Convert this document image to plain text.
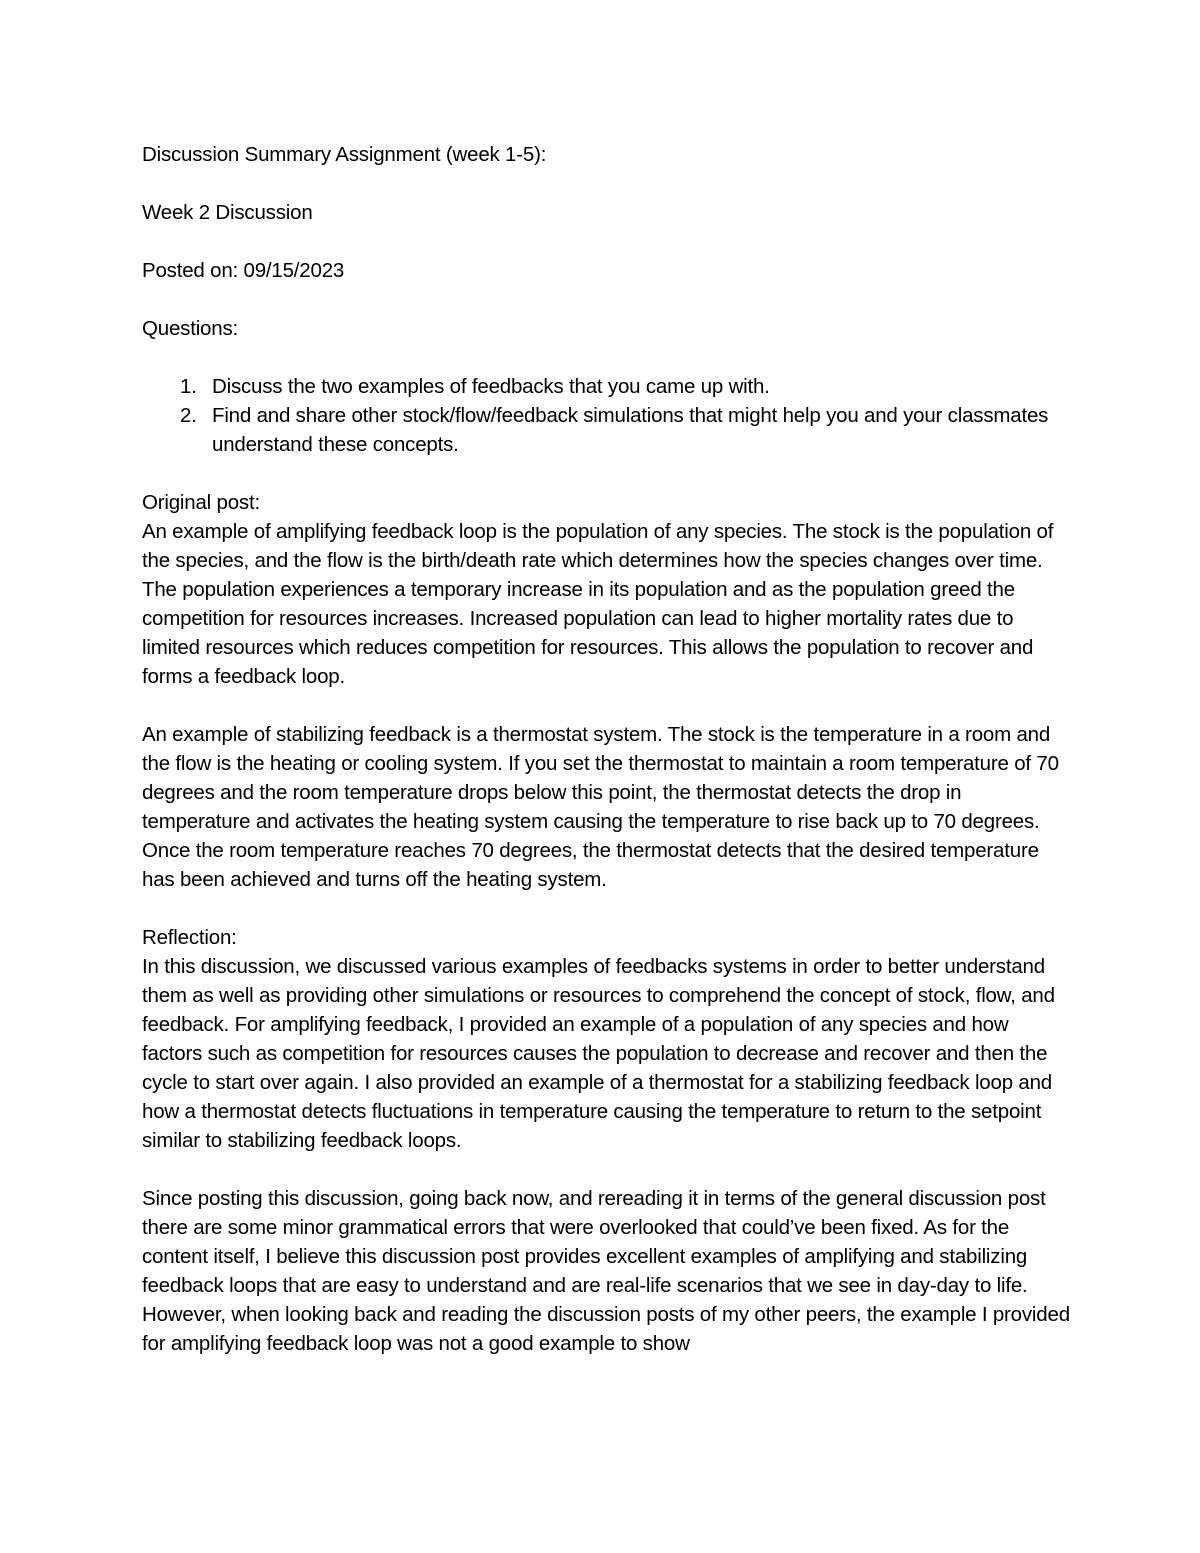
Discussion Summary Assignment (week 1-5):

Week 2 Discussion

Posted on: 09/15/2023

Questions:

1. Discuss the two examples of feedbacks that you came up with.
2. Find and share other stock/flow/feedback simulations that might help you and your classmates understand these concepts.

Original post:

An example of amplifying feedback loop is the population of any species. The stock is the population of the species, and the flow is the birth/death rate which determines how the species changes over time. The population experiences a temporary increase in its population and as the population greed the competition for resources increases. Increased population can lead to higher mortality rates due to limited resources which reduces competition for resources. This allows the population to recover and forms a feedback loop.

An example of stabilizing feedback is a thermostat system. The stock is the temperature in a room and the flow is the heating or cooling system. If you set the thermostat to maintain a room temperature of 70 degrees and the room temperature drops below this point, the thermostat detects the drop in temperature and activates the heating system causing the temperature to rise back up to 70 degrees. Once the room temperature reaches 70 degrees, the thermostat detects that the desired temperature has been achieved and turns off the heating system.

Reflection:

In this discussion, we discussed various examples of feedbacks systems in order to better understand them as well as providing other simulations or resources to comprehend the concept of stock, flow, and feedback. For amplifying feedback, I provided an example of a population of any species and how factors such as competition for resources causes the population to decrease and recover and then the cycle to start over again. I also provided an example of a thermostat for a stabilizing feedback loop and how a thermostat detects fluctuations in temperature causing the temperature to return to the setpoint similar to stabilizing feedback loops.

Since posting this discussion, going back now, and rereading it in terms of the general discussion post there are some minor grammatical errors that were overlooked that could’ve been fixed. As for the content itself, I believe this discussion post provides excellent examples of amplifying and stabilizing feedback loops that are easy to understand and are real-life scenarios that we see in day-day to life. However, when looking back and reading the discussion posts of my other peers, the example I provided for amplifying feedback loop was not a good example to show
